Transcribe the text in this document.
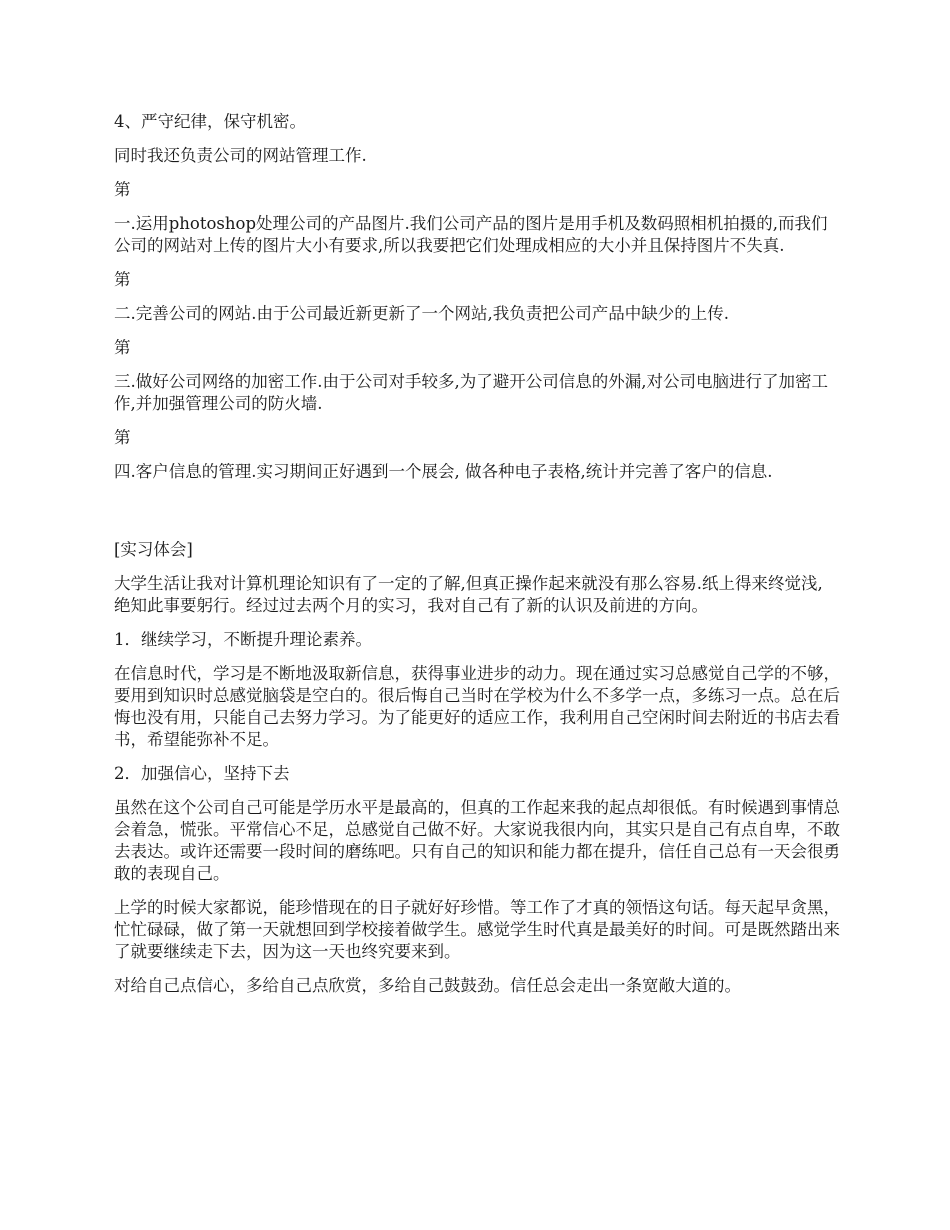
4、严守纪律，保守机密。

同时我还负责公司的网站管理工作.

第

一.运用photoshop处理公司的产品图片.我们公司产品的图片是用手机及数码照相机拍摄的,而我们公司的网站对上传的图片大小有要求,所以我要把它们处理成相应的大小并且保持图片不失真.

第

二.完善公司的网站.由于公司最近新更新了一个网站,我负责把公司产品中缺少的上传.

第

三.做好公司网络的加密工作.由于公司对手较多,为了避开公司信息的外漏,对公司电脑进行了加密工作,并加强管理公司的防火墙.

第

四.客户信息的管理.实习期间正好遇到一个展会, 做各种电子表格,统计并完善了客户的信息.

[实习体会]

大学生活让我对计算机理论知识有了一定的了解,但真正操作起来就没有那么容易.纸上得来终觉浅, 绝知此事要躬行。经过过去两个月的实习，我对自己有了新的认识及前进的方向。

1．继续学习，不断提升理论素养。

在信息时代，学习是不断地汲取新信息，获得事业进步的动力。现在通过实习总感觉自己学的不够，要用到知识时总感觉脑袋是空白的。很后悔自己当时在学校为什么不多学一点，多练习一点。总在后悔也没有用，只能自己去努力学习。为了能更好的适应工作，我利用自己空闲时间去附近的书店去看书，希望能弥补不足。

2．加强信心，坚持下去

虽然在这个公司自己可能是学历水平是最高的，但真的工作起来我的起点却很低。有时候遇到事情总会着急，慌张。平常信心不足，总感觉自己做不好。大家说我很内向，其实只是自己有点自卑，不敢去表达。或许还需要一段时间的磨练吧。只有自己的知识和能力都在提升，信任自己总有一天会很勇敢的表现自己。

上学的时候大家都说，能珍惜现在的日子就好好珍惜。等工作了才真的领悟这句话。每天起早贪黑，忙忙碌碌，做了第一天就想回到学校接着做学生。感觉学生时代真是最美好的时间。可是既然踏出来了就要继续走下去，因为这一天也终究要来到。

对给自己点信心，多给自己点欣赏，多给自己鼓鼓劲。信任总会走出一条宽敞大道的。
